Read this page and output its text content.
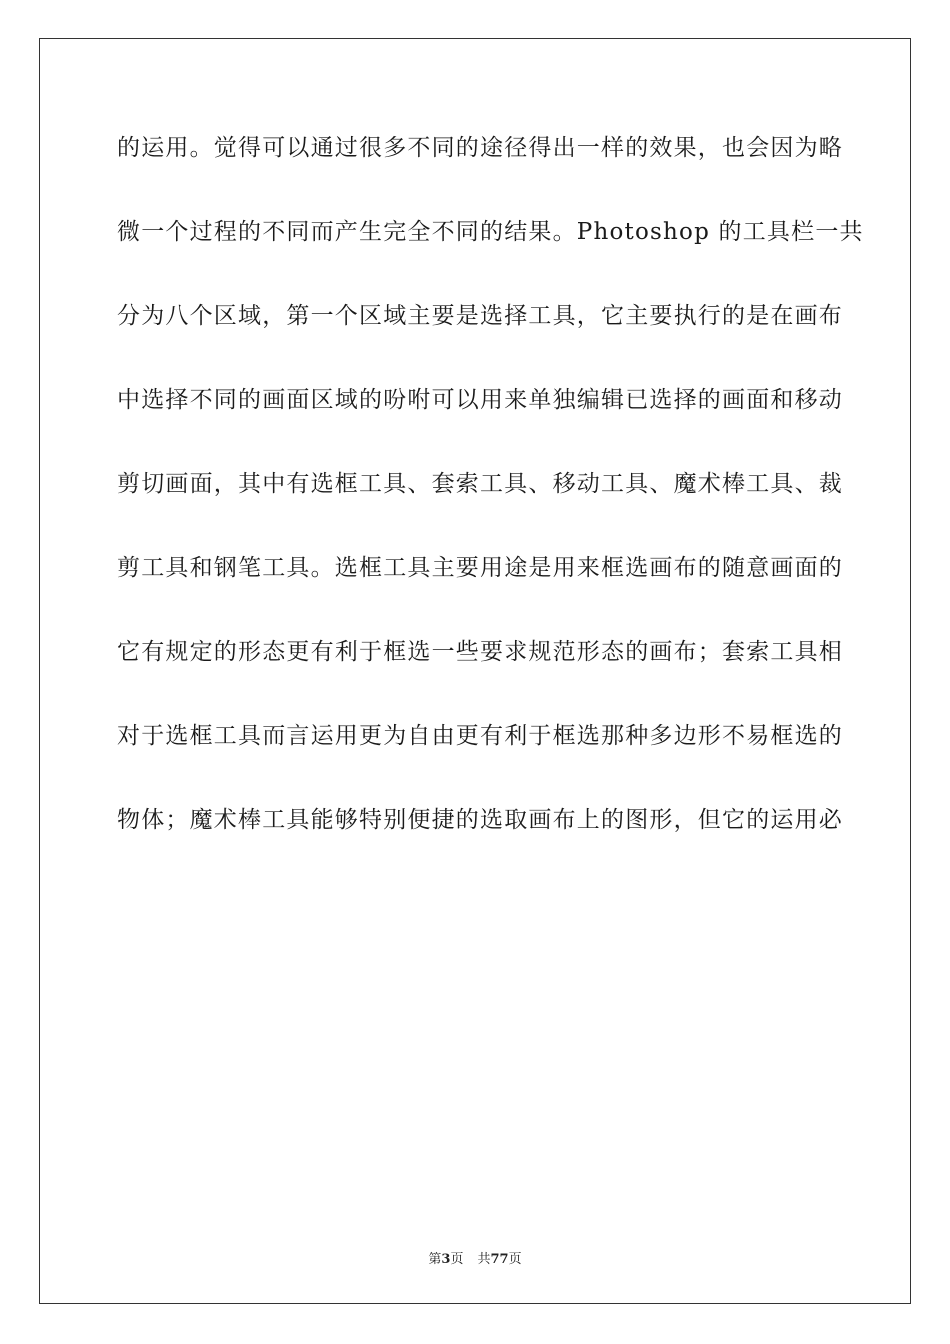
的运用。觉得可以通过很多不同的途径得出一样的效果，也会因为略
微一个过程的不同而产生完全不同的结果。Photoshop 的工具栏一共
分为八个区域，第一个区域主要是选择工具，它主要执行的是在画布
中选择不同的画面区域的吩咐可以用来单独编辑已选择的画面和移动
剪切画面，其中有选框工具、套索工具、移动工具、魔术棒工具、裁
剪工具和钢笔工具。选框工具主要用途是用来框选画布的随意画面的
它有规定的形态更有利于框选一些要求规范形态的画布；套索工具相
对于选框工具而言运用更为自由更有利于框选那种多边形不易框选的
物体；魔术棒工具能够特别便捷的选取画布上的图形，但它的运用必
第3页 共77页
